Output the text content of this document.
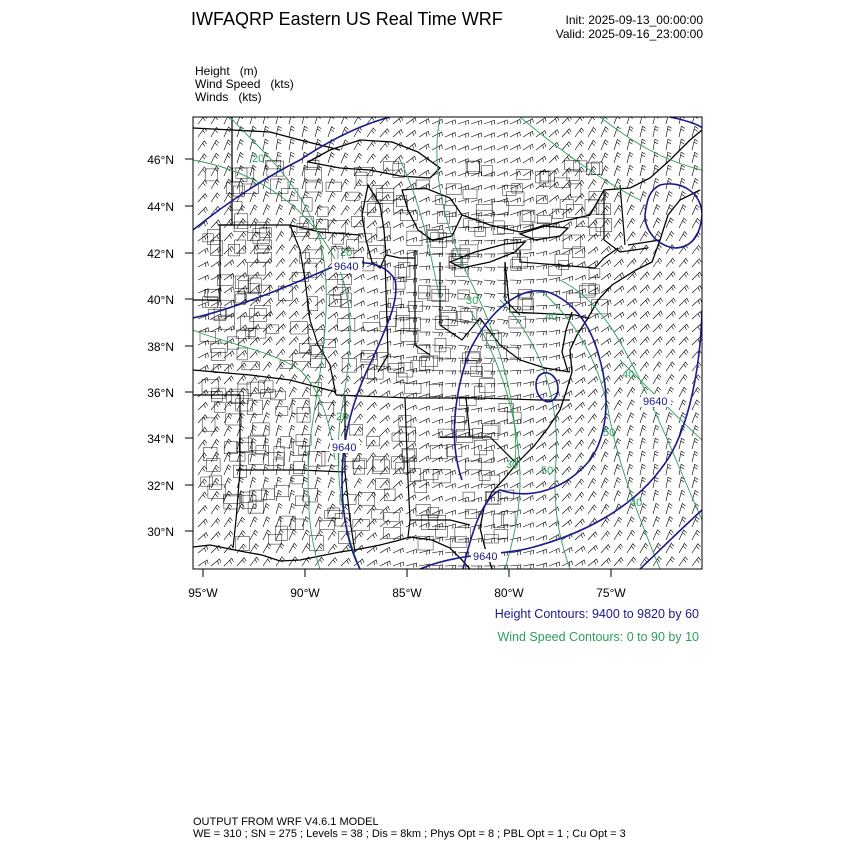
IWFAQRP Eastern US Real Time WRF	Init: 2025-09-13_00:00:00
Valid: 2025-09-16_23:00:00
Height   (m)
Wind Speed   (kts)
Winds   (kts)
46°N
44°N
42°N
40°N
38°N
36°N
34°N
32°N
30°N
95°W	90°W	85°W	80°W	75°W
9640
9640
9640
9640
40
50
50
40
20
30
40
30
20
20
Height Contours: 9400 to 9820 by 60
Wind Speed Contours: 0 to 90 by 10
OUTPUT FROM WRF V4.6.1 MODEL
WE = 310 ; SN = 275 ; Levels = 38 ; Dis = 8km ; Phys Opt = 8 ; PBL Opt = 1 ; Cu Opt = 3
